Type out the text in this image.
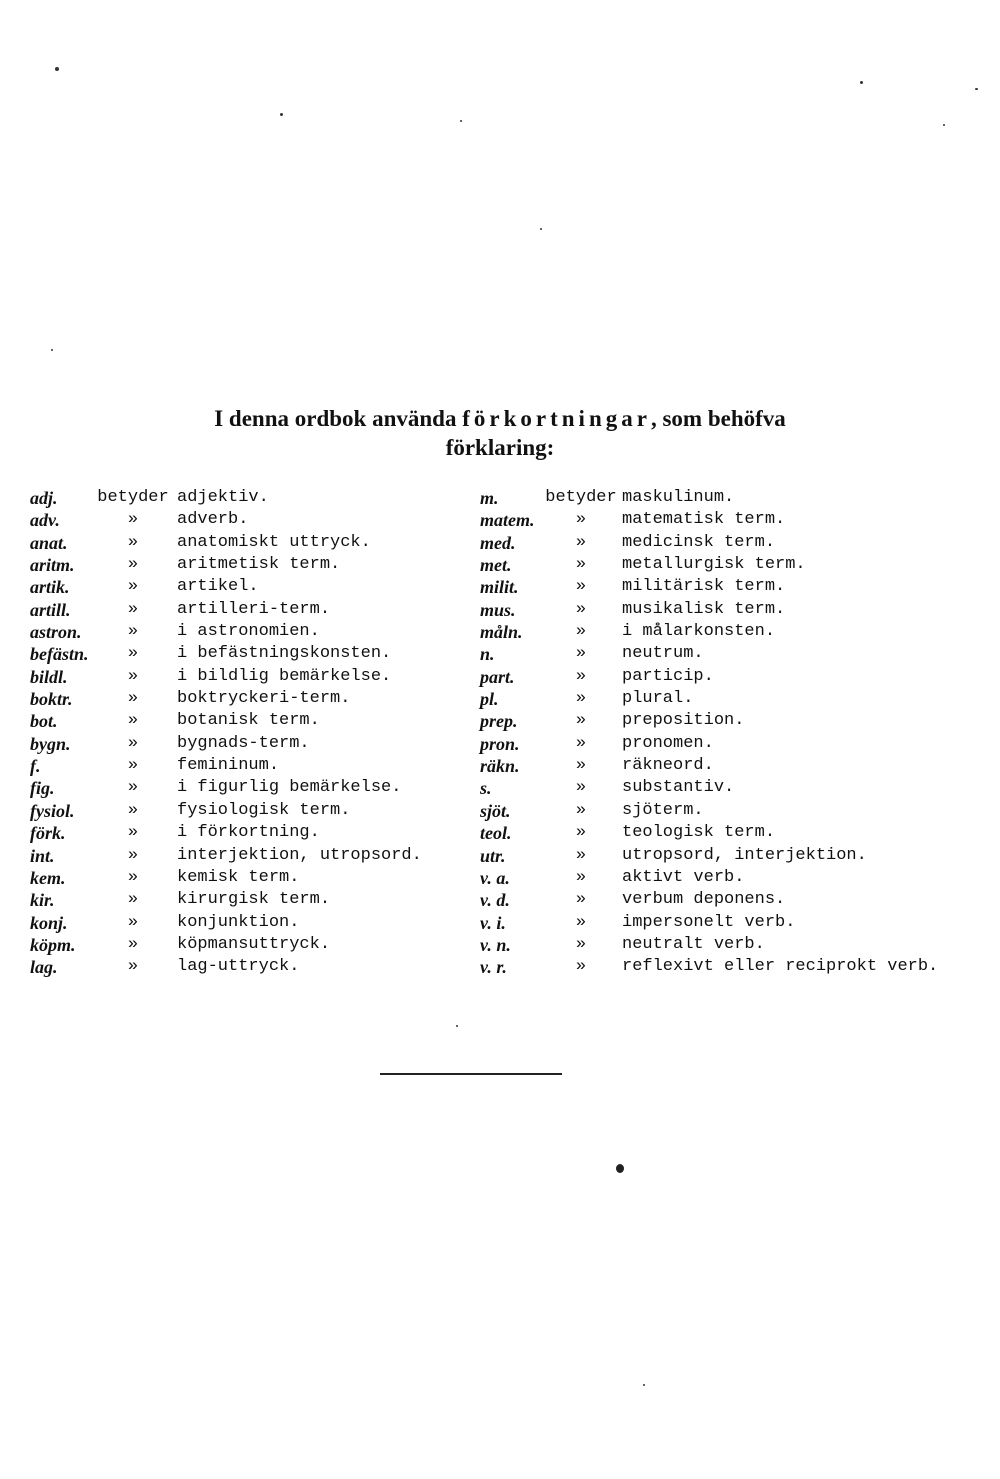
I denna ordbok använda förkortningar, som behöfva
förklaring:
adj. betyder adjektiv.
adv.	»	adverb.
anat.	»	anatomiskt uttryck.
aritm.	»	aritmetisk term.
artik.	»	artikel.
artill.	»	artilleri-term.
astron.	»	i astronomien.
befästn.	»	i befästningskonsten.
bildl.	»	i bildlig bemärkelse.
boktr.	»	boktryckeri-term.
bot.	»	botanisk term.
bygn.	»	bygnads-term.
f.	»	femininum.
fig.	»	i figurlig bemärkelse.
fysiol.	»	fysiologisk term.
förk.	»	i förkortning.
int.	»	interjektion, utropsord.
kem.	»	kemisk term.
kir.	»	kirurgisk term.
konj.	»	konjunktion.
köpm.	»	köpmansuttryck.
lag.	»	lag-uttryck.
m.	betyder maskulinum.
matem.	»	matematisk term.
med.	»	medicinsk term.
met.	»	metallurgisk term.
milit.	»	militärisk term.
mus.	»	musikalisk term.
måln.	»	i målarkonsten.
n.	»	neutrum.
part.	»	particip.
pl.	»	plural.
prep.	»	preposition.
pron.	»	pronomen.
räkn.	»	räkneord.
s.	»	substantiv.
sjöt.	»	sjöterm.
teol.	»	teologisk term.
utr.	»	utropsord, interjektion.
v. a.	»	aktivt verb.
v. d.	»	verbum deponens.
v. i.	»	impersonelt verb.
v. n.	»	neutralt verb.
v. r.	»	reflexivt eller reciprokt verb.
